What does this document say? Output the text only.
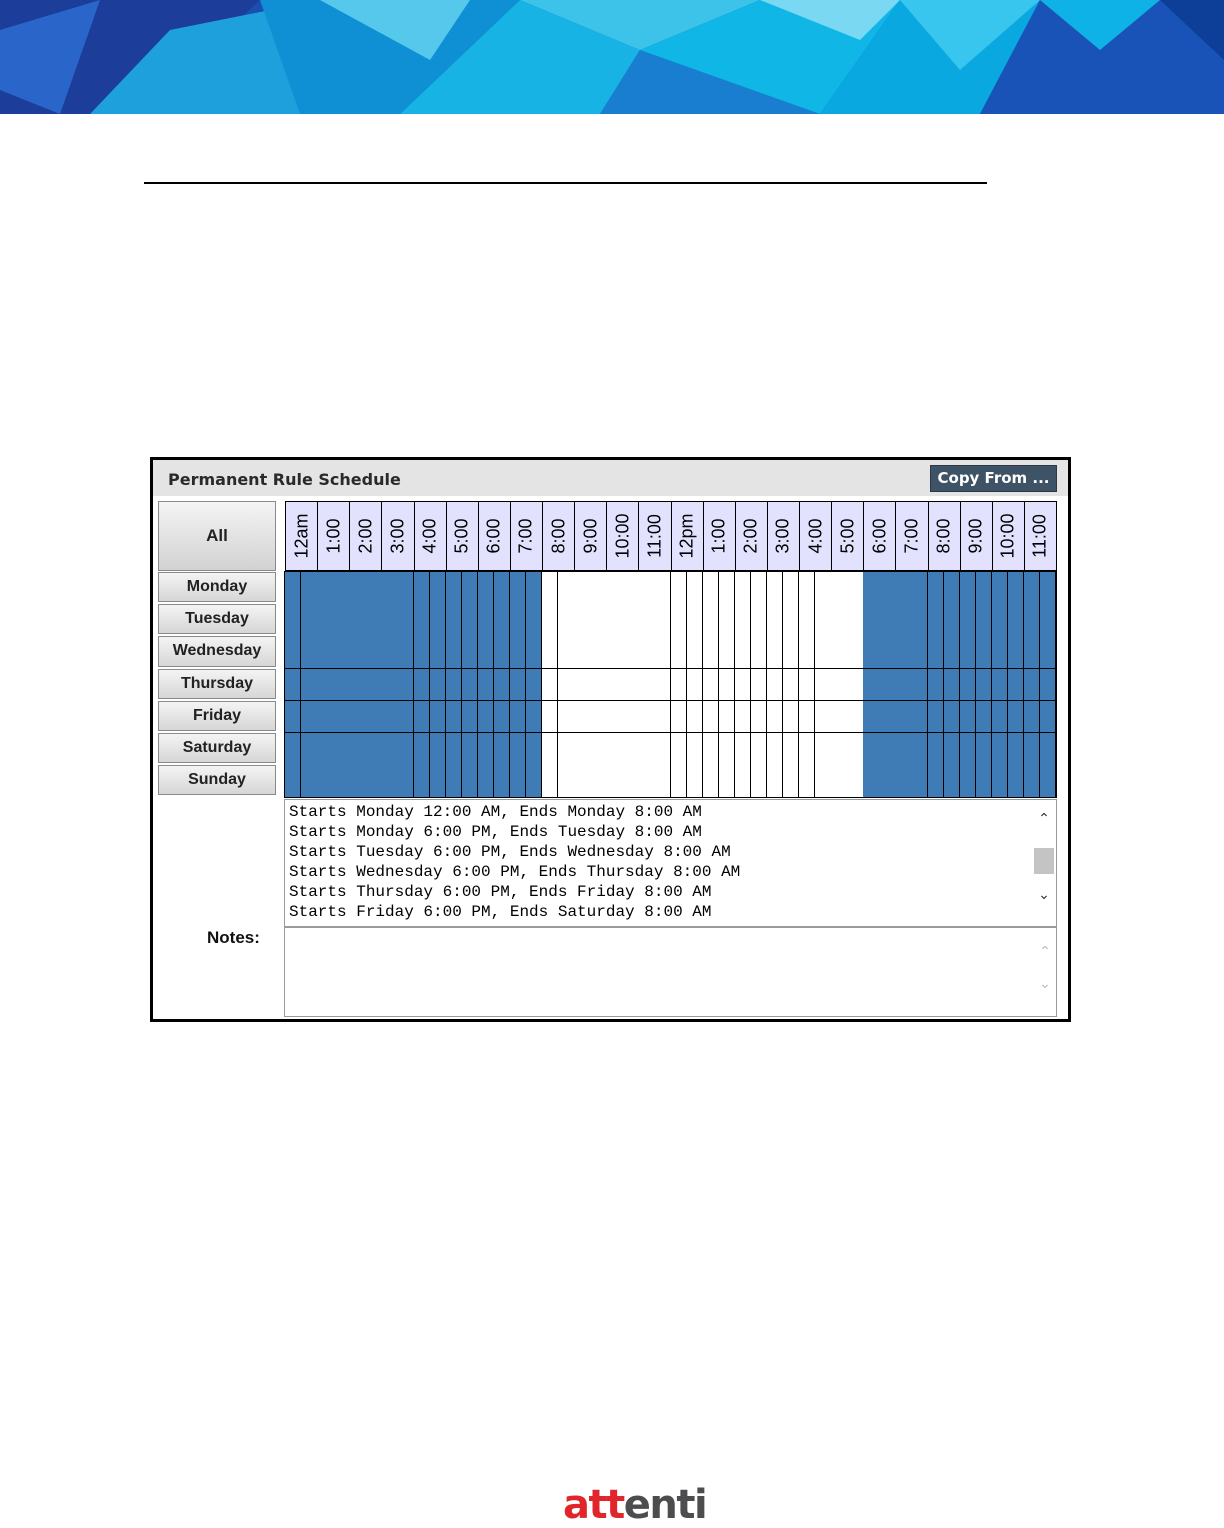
Permanent Rule Schedule	Copy From ...
All	12am 1:00 2:00 3:00 4:00 5:00 6:00 7:00 8:00 9:00 10:00 11:00 12pm 1:00 2:00 3:00 4:00 5:00 6:00 7:00 8:00 9:00 10:00 11:00
Monday
Tuesday
Wednesday
Thursday
Friday
Saturday
Sunday
Starts Monday 12:00 AM, Ends Monday 8:00 AM
Starts Monday 6:00 PM, Ends Tuesday 8:00 AM
Starts Tuesday 6:00 PM, Ends Wednesday 8:00 AM
Starts Wednesday 6:00 PM, Ends Thursday 8:00 AM
Starts Thursday 6:00 PM, Ends Friday 8:00 AM
Starts Friday 6:00 PM, Ends Saturday 8:00 AM
⌃
⌄
Notes:
⌃
⌄
attenti
